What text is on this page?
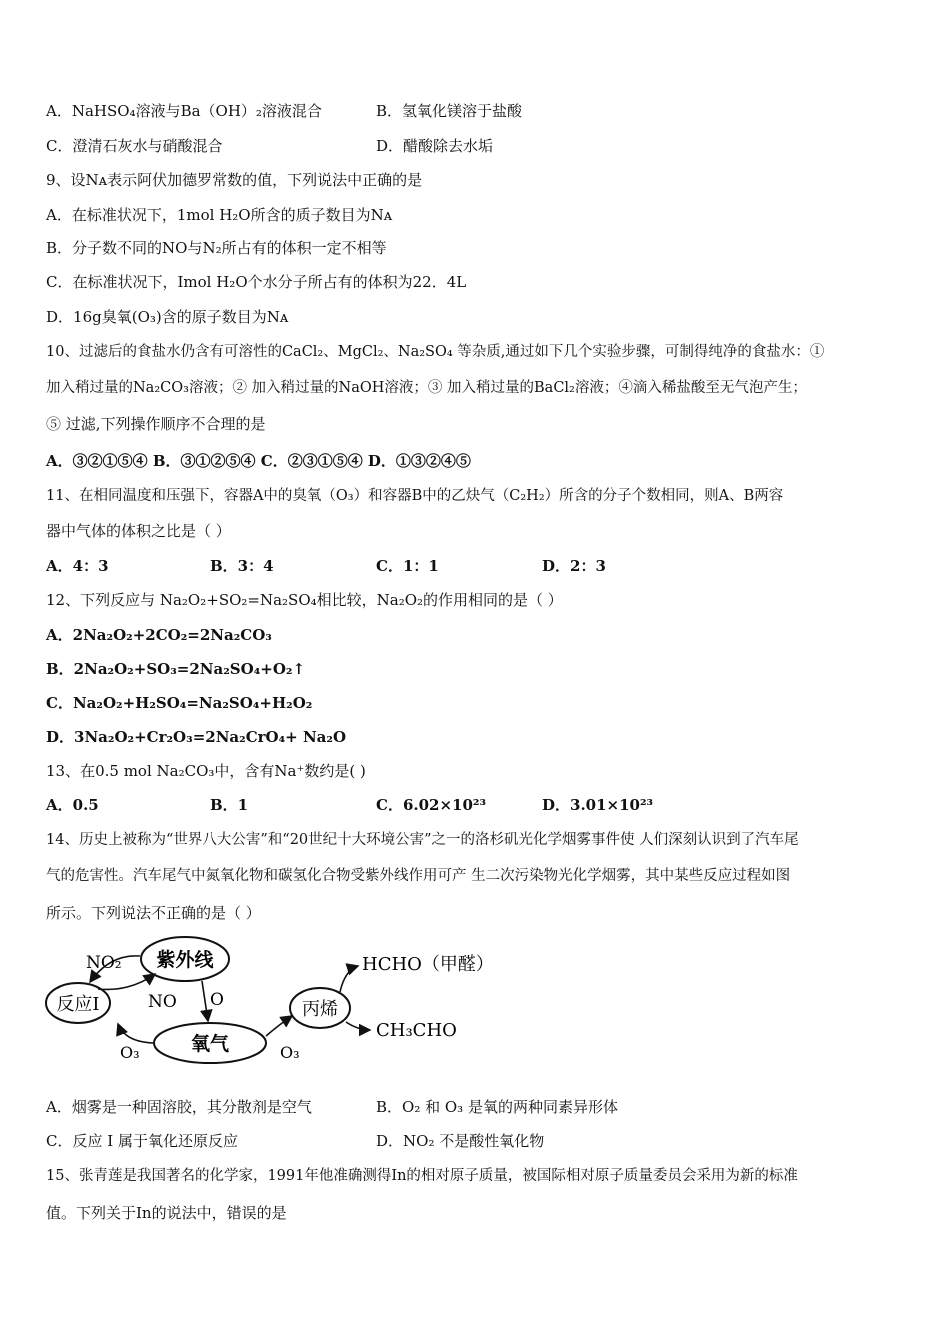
A．NaHSO₄溶液与Ba（OH）₂溶液混合	B．氢氧化镁溶于盐酸
C．澄清石灰水与硝酸混合	D．醋酸除去水垢
9、设Nᴀ表示阿伏加德罗常数的值，下列说法中正确的是
A．在标准状况下，1mol H₂O所含的质子数目为Nᴀ
B．分子数不同的NO与N₂所占有的体积一定不相等
C．在标准状况下，Imol H₂O个水分子所占有的体积为22．4L
D．16g臭氧(O₃)含的原子数目为Nᴀ
10、过滤后的食盐水仍含有可溶性的CaCl₂、MgCl₂、Na₂SO₄ 等杂质,通过如下几个实验步骤，可制得纯净的食盐水：①
加入稍过量的Na₂CO₃溶液；② 加入稍过量的NaOH溶液；③ 加入稍过量的BaCl₂溶液；④滴入稀盐酸至无气泡产生；
⑤ 过滤,下列操作顺序不合理的是
A．③②①⑤④ B．③①②⑤④ C．②③①⑤④ D．①③②④⑤
11、在相同温度和压强下，容器A中的臭氧（O₃）和容器B中的乙炔气（C₂H₂）所含的分子个数相同，则A、B两容
器中气体的体积之比是（ ）
A．4：3	B．3：4	C．1：1	D．2：3
12、下列反应与 Na₂O₂+SO₂=Na₂SO₄相比较，Na₂O₂的作用相同的是（ ）
A．2Na₂O₂+2CO₂=2Na₂CO₃
B．2Na₂O₂+SO₃=2Na₂SO₄+O₂↑
C．Na₂O₂+H₂SO₄=Na₂SO₄+H₂O₂
D．3Na₂O₂+Cr₂O₃=2Na₂CrO₄+ Na₂O
13、在0.5 mol Na₂CO₃中，含有Na⁺数约是( )
A．0.5	B．1	C．6.02×10²³	D．3.01×10²³
14、历史上被称为“世界八大公害”和“20世纪十大环境公害”之一的洛杉矶光化学烟雾事件使 人们深刻认识到了汽车尾
气的危害性。汽车尾气中氮氧化物和碳氢化合物受紫外线作用可产 生二次污染物光化学烟雾，其中某些反应过程如图
所示。下列说法不正确的是（ ）
紫外线
反应I
氧气
丙烯
NO₂
NO O
O₃	O₃
HCHO（甲醛）
CH₃CHO
A．烟雾是一种固溶胶，其分散剂是空气	B．O₂ 和 O₃ 是氧的两种同素异形体
C．反应 I 属于氧化还原反应	D．NO₂ 不是酸性氧化物
15、张青莲是我国著名的化学家，1991年他准确测得In的相对原子质量，被国际相对原子质量委员会采用为新的标准
值。下列关于In的说法中，错误的是
